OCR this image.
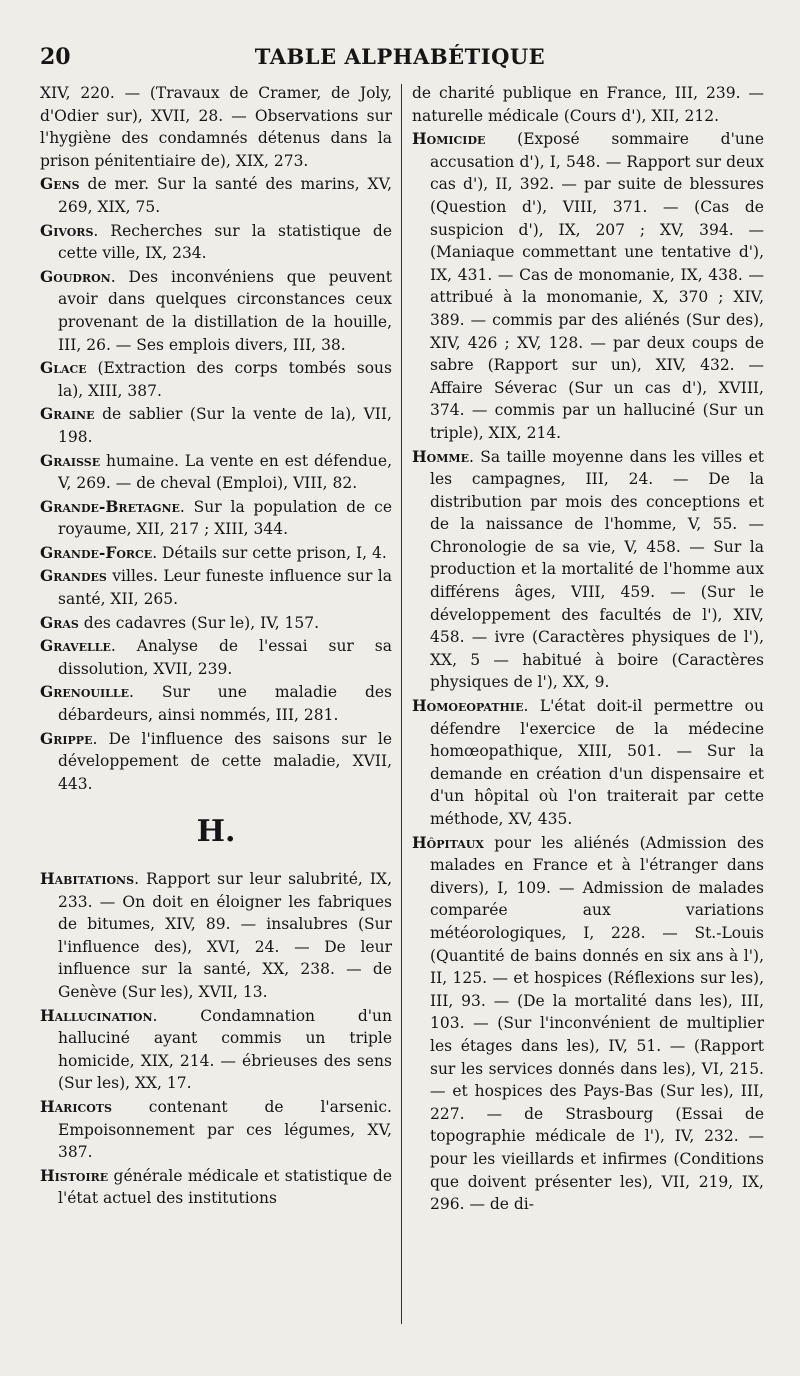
20	TABLE ALPHABÉTIQUE
XIV, 220. — (Travaux de Cramer, de Joly, d'Odier sur), XVII, 28. — Observations sur l'hygiène des condamnés détenus dans la prison pénitentiaire de), XIX, 273.
Gens de mer. Sur la santé des marins, XV, 269, XIX, 75.
Givors. Recherches sur la statistique de cette ville, IX, 234.
Goudron. Des inconvéniens que peuvent avoir dans quelques circonstances ceux provenant de la distillation de la houille, III, 26. — Ses emplois divers, III, 38.
Glace (Extraction des corps tombés sous la), XIII, 387.
Graine de sablier (Sur la vente de la), VII, 198.
Graisse humaine. La vente en est défendue, V, 269. — de cheval (Emploi), VIII, 82.
Grande-Bretagne. Sur la population de ce royaume, XII, 217 ; XIII, 344.
Grande-Force. Détails sur cette prison, I, 4.
Grandes villes. Leur funeste influence sur la santé, XII, 265.
Gras des cadavres (Sur le), IV, 157.
Gravelle. Analyse de l'essai sur sa dissolution, XVII, 239.
Grenouille. Sur une maladie des débardeurs, ainsi nommés, III, 281.
Grippe. De l'influence des saisons sur le développement de cette maladie, XVII, 443.
H.
Habitations. Rapport sur leur salubrité, IX, 233. — On doit en éloigner les fabriques de bitumes, XIV, 89. — insalubres (Sur l'influence des), XVI, 24. — De leur influence sur la santé, XX, 238. — de Genève (Sur les), XVII, 13.
Hallucination. Condamnation d'un halluciné ayant commis un triple homicide, XIX, 214. — ébrieuses des sens (Sur les), XX, 17.
Haricots contenant de l'arsenic. Empoisonnement par ces légumes, XV, 387.
Histoire générale médicale et statistique de l'état actuel des institutions
de charité publique en France, III, 239. — naturelle médicale (Cours d'), XII, 212.
Homicide (Exposé sommaire d'une accusation d'), I, 548. — Rapport sur deux cas d'), II, 392. — par suite de blessures (Question d'), VIII, 371. — (Cas de suspicion d'), IX, 207 ; XV, 394. — (Maniaque commettant une tentative d'), IX, 431. — Cas de monomanie, IX, 438. — attribué à la monomanie, X, 370 ; XIV, 389. — commis par des aliénés (Sur des), XIV, 426 ; XV, 128. — par deux coups de sabre (Rapport sur un), XIV, 432. — Affaire Séverac (Sur un cas d'), XVIII, 374. — commis par un halluciné (Sur un triple), XIX, 214.
Homme. Sa taille moyenne dans les villes et les campagnes, III, 24. — De la distribution par mois des conceptions et de la naissance de l'homme, V, 55. — Chronologie de sa vie, V, 458. — Sur la production et la mortalité de l'homme aux différens âges, VIII, 459. — (Sur le développement des facultés de l'), XIV, 458. — ivre (Caractères physiques de l'), XX, 5 — habitué à boire (Caractères physiques de l'), XX, 9.
Homoeopathie. L'état doit-il permettre ou défendre l'exercice de la médecine homœopathique, XIII, 501. — Sur la demande en création d'un dispensaire et d'un hôpital où l'on traiterait par cette méthode, XV, 435.
Hôpitaux pour les aliénés (Admission des malades en France et à l'étranger dans divers), I, 109. — Admission de malades comparée aux variations météorologiques, I, 228. — St.-Louis (Quantité de bains donnés en six ans à l'), II, 125. — et hospices (Réflexions sur les), III, 93. — (De la mortalité dans les), III, 103. — (Sur l'inconvénient de multiplier les étages dans les), IV, 51. — (Rapport sur les services donnés dans les), VI, 215. — et hospices des Pays-Bas (Sur les), III, 227. — de Strasbourg (Essai de topographie médicale de l'), IV, 232. — pour les vieillards et infirmes (Conditions que doivent présenter les), VII, 219, IX, 296. — de di-
